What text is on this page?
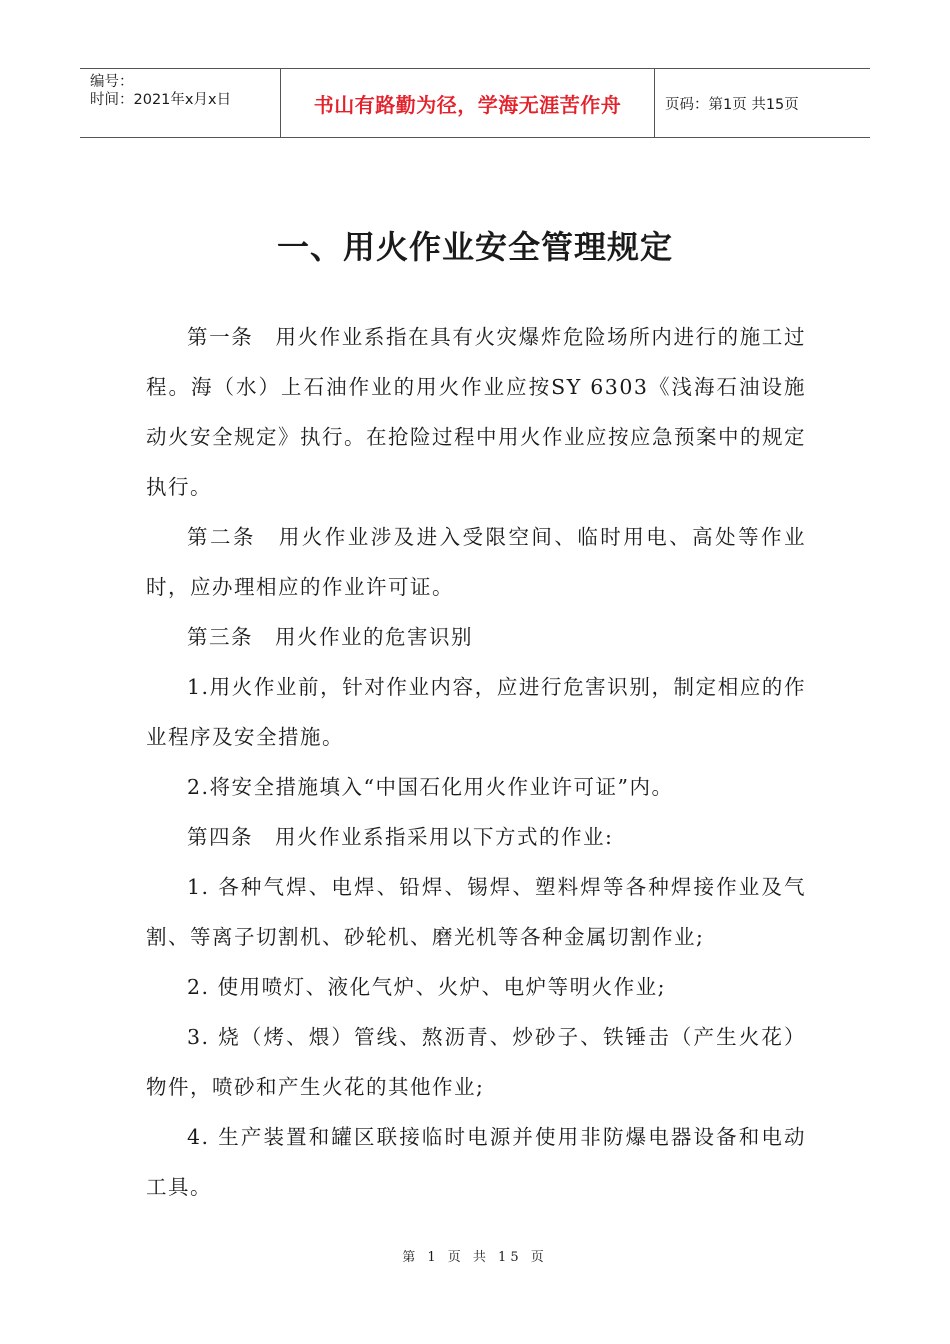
编号：
时间：2021年x月x日	书山有路勤为径，学海无涯苦作舟	页码：第1页 共15页
一、用火作业安全管理规定

第一条　用火作业系指在具有火灾爆炸危险场所内进行的施工过程。海（水）上石油作业的用火作业应按SY 6303《浅海石油设施动火安全规定》执行。在抢险过程中用火作业应按应急预案中的规定执行。

第二条　用火作业涉及进入受限空间、临时用电、高处等作业时，应办理相应的作业许可证。

第三条　用火作业的危害识别

1.用火作业前，针对作业内容，应进行危害识别，制定相应的作业程序及安全措施。

2.将安全措施填入“中国石化用火作业许可证”内。

第四条　用火作业系指采用以下方式的作业:

1. 各种气焊、电焊、铅焊、锡焊、塑料焊等各种焊接作业及气割、等离子切割机、砂轮机、磨光机等各种金属切割作业;

2. 使用喷灯、液化气炉、火炉、电炉等明火作业;

3. 烧（烤、煨）管线、熬沥青、炒砂子、铁锤击（产生火花）物件，喷砂和产生火花的其他作业;

4. 生产装置和罐区联接临时电源并使用非防爆电器设备和电动工具。

第 1 页 共 15 页
